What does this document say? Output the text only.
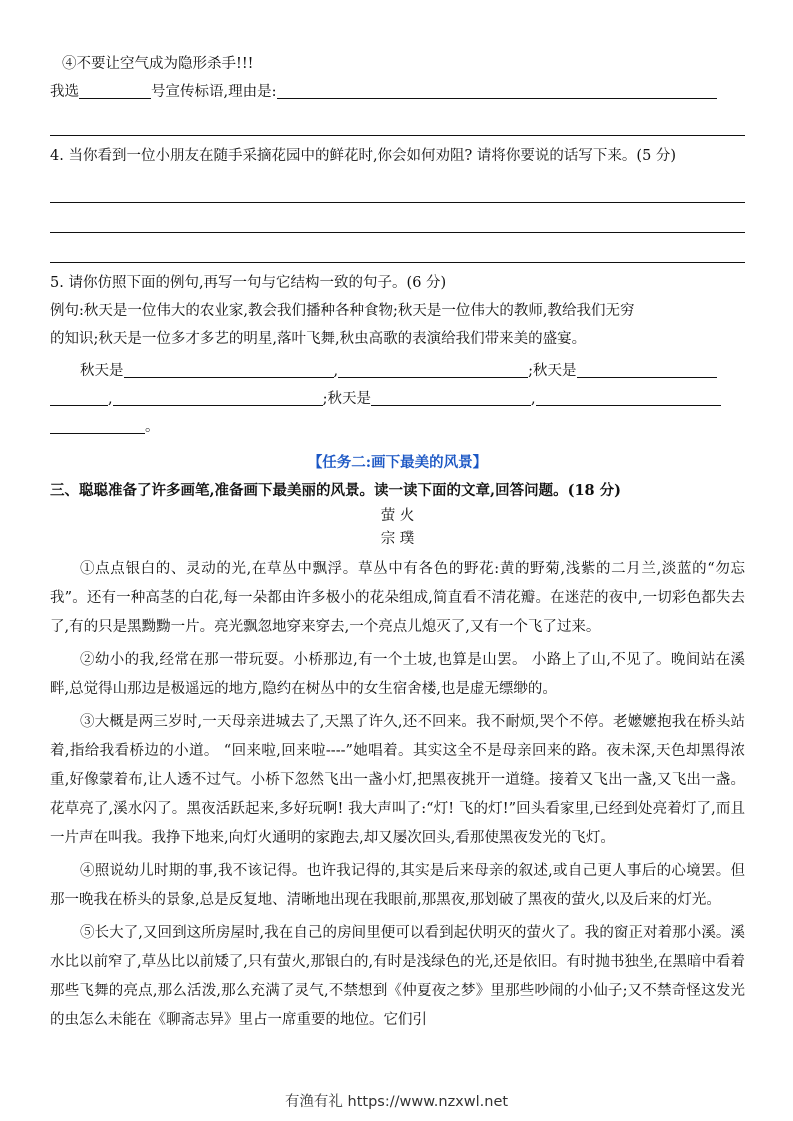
④不要让空气成为隐形杀手!!!
我选	号宣传标语,理由是:
4. 当你看到一位小朋友在随手采摘花园中的鲜花时,你会如何劝阻? 请将你要说的话写下来。(5 分)
5. 请你仿照下面的例句,再写一句与它结构一致的句子。(6 分)
例句:秋天是一位伟大的农业家,教会我们播种各种食物;秋天是一位伟大的教师,教给我们无穷
的知识;秋天是一位多才多艺的明星,落叶飞舞,秋虫高歌的表演给我们带来美的盛宴。
秋天是	,	;秋天是
,	;秋天是	,
。
【任务二:画下最美的风景】
三、聪聪准备了许多画笔,准备画下最美丽的风景。读一读下面的文章,回答问题。(18 分)
萤 火
宗 璞
①点点银白的、灵动的光,在草丛中飘浮。草丛中有各色的野花:黄的野菊,浅紫的二月兰,淡蓝的“勿忘我”。还有一种高茎的白花,每一朵都由许多极小的花朵组成,简直看不清花瓣。在迷茫的夜中,一切彩色都失去了,有的只是黑黝黝一片。亮光飘忽地穿来穿去,一个亮点儿熄灭了,又有一个飞了过来。
②幼小的我,经常在那一带玩耍。小桥那边,有一个土坡,也算是山罢。 小路上了山,不见了。晚间站在溪畔,总觉得山那边是极遥远的地方,隐约在树丛中的女生宿舍楼,也是虚无缥缈的。
③大概是两三岁时,一天母亲进城去了,天黑了许久,还不回来。我不耐烦,哭个不停。老嬷嬷抱我在桥头站着,指给我看桥边的小道。 “回来啦,回来啦----”她唱着。其实这全不是母亲回来的路。夜未深,天色却黑得浓重,好像蒙着布,让人透不过气。小桥下忽然飞出一盏小灯,把黑夜挑开一道缝。接着又飞出一盏,又飞出一盏。 花草亮了,溪水闪了。黑夜活跃起来,多好玩啊! 我大声叫了:“灯! 飞的灯!”回头看家里,已经到处亮着灯了,而且一片声在叫我。我挣下地来,向灯火通明的家跑去,却又屡次回头,看那使黑夜发光的飞灯。
④照说幼儿时期的事,我不该记得。也许我记得的,其实是后来母亲的叙述,或自己更人事后的心境罢。但那一晚我在桥头的景象,总是反复地、清晰地出现在我眼前,那黑夜,那划破了黑夜的萤火,以及后来的灯光。
⑤长大了,又回到这所房屋时,我在自己的房间里便可以看到起伏明灭的萤火了。我的窗正对着那小溪。溪水比以前窄了,草丛比以前矮了,只有萤火,那银白的,有时是浅绿色的光,还是依旧。有时抛书独坐,在黑暗中看着那些飞舞的亮点,那么活泼,那么充满了灵气,不禁想到《仲夏夜之梦》里那些吵闹的小仙子;又不禁奇怪这发光的虫怎么未能在《聊斋志异》里占一席重要的地位。它们引
有渔有礼 https://www.nzxwl.net
